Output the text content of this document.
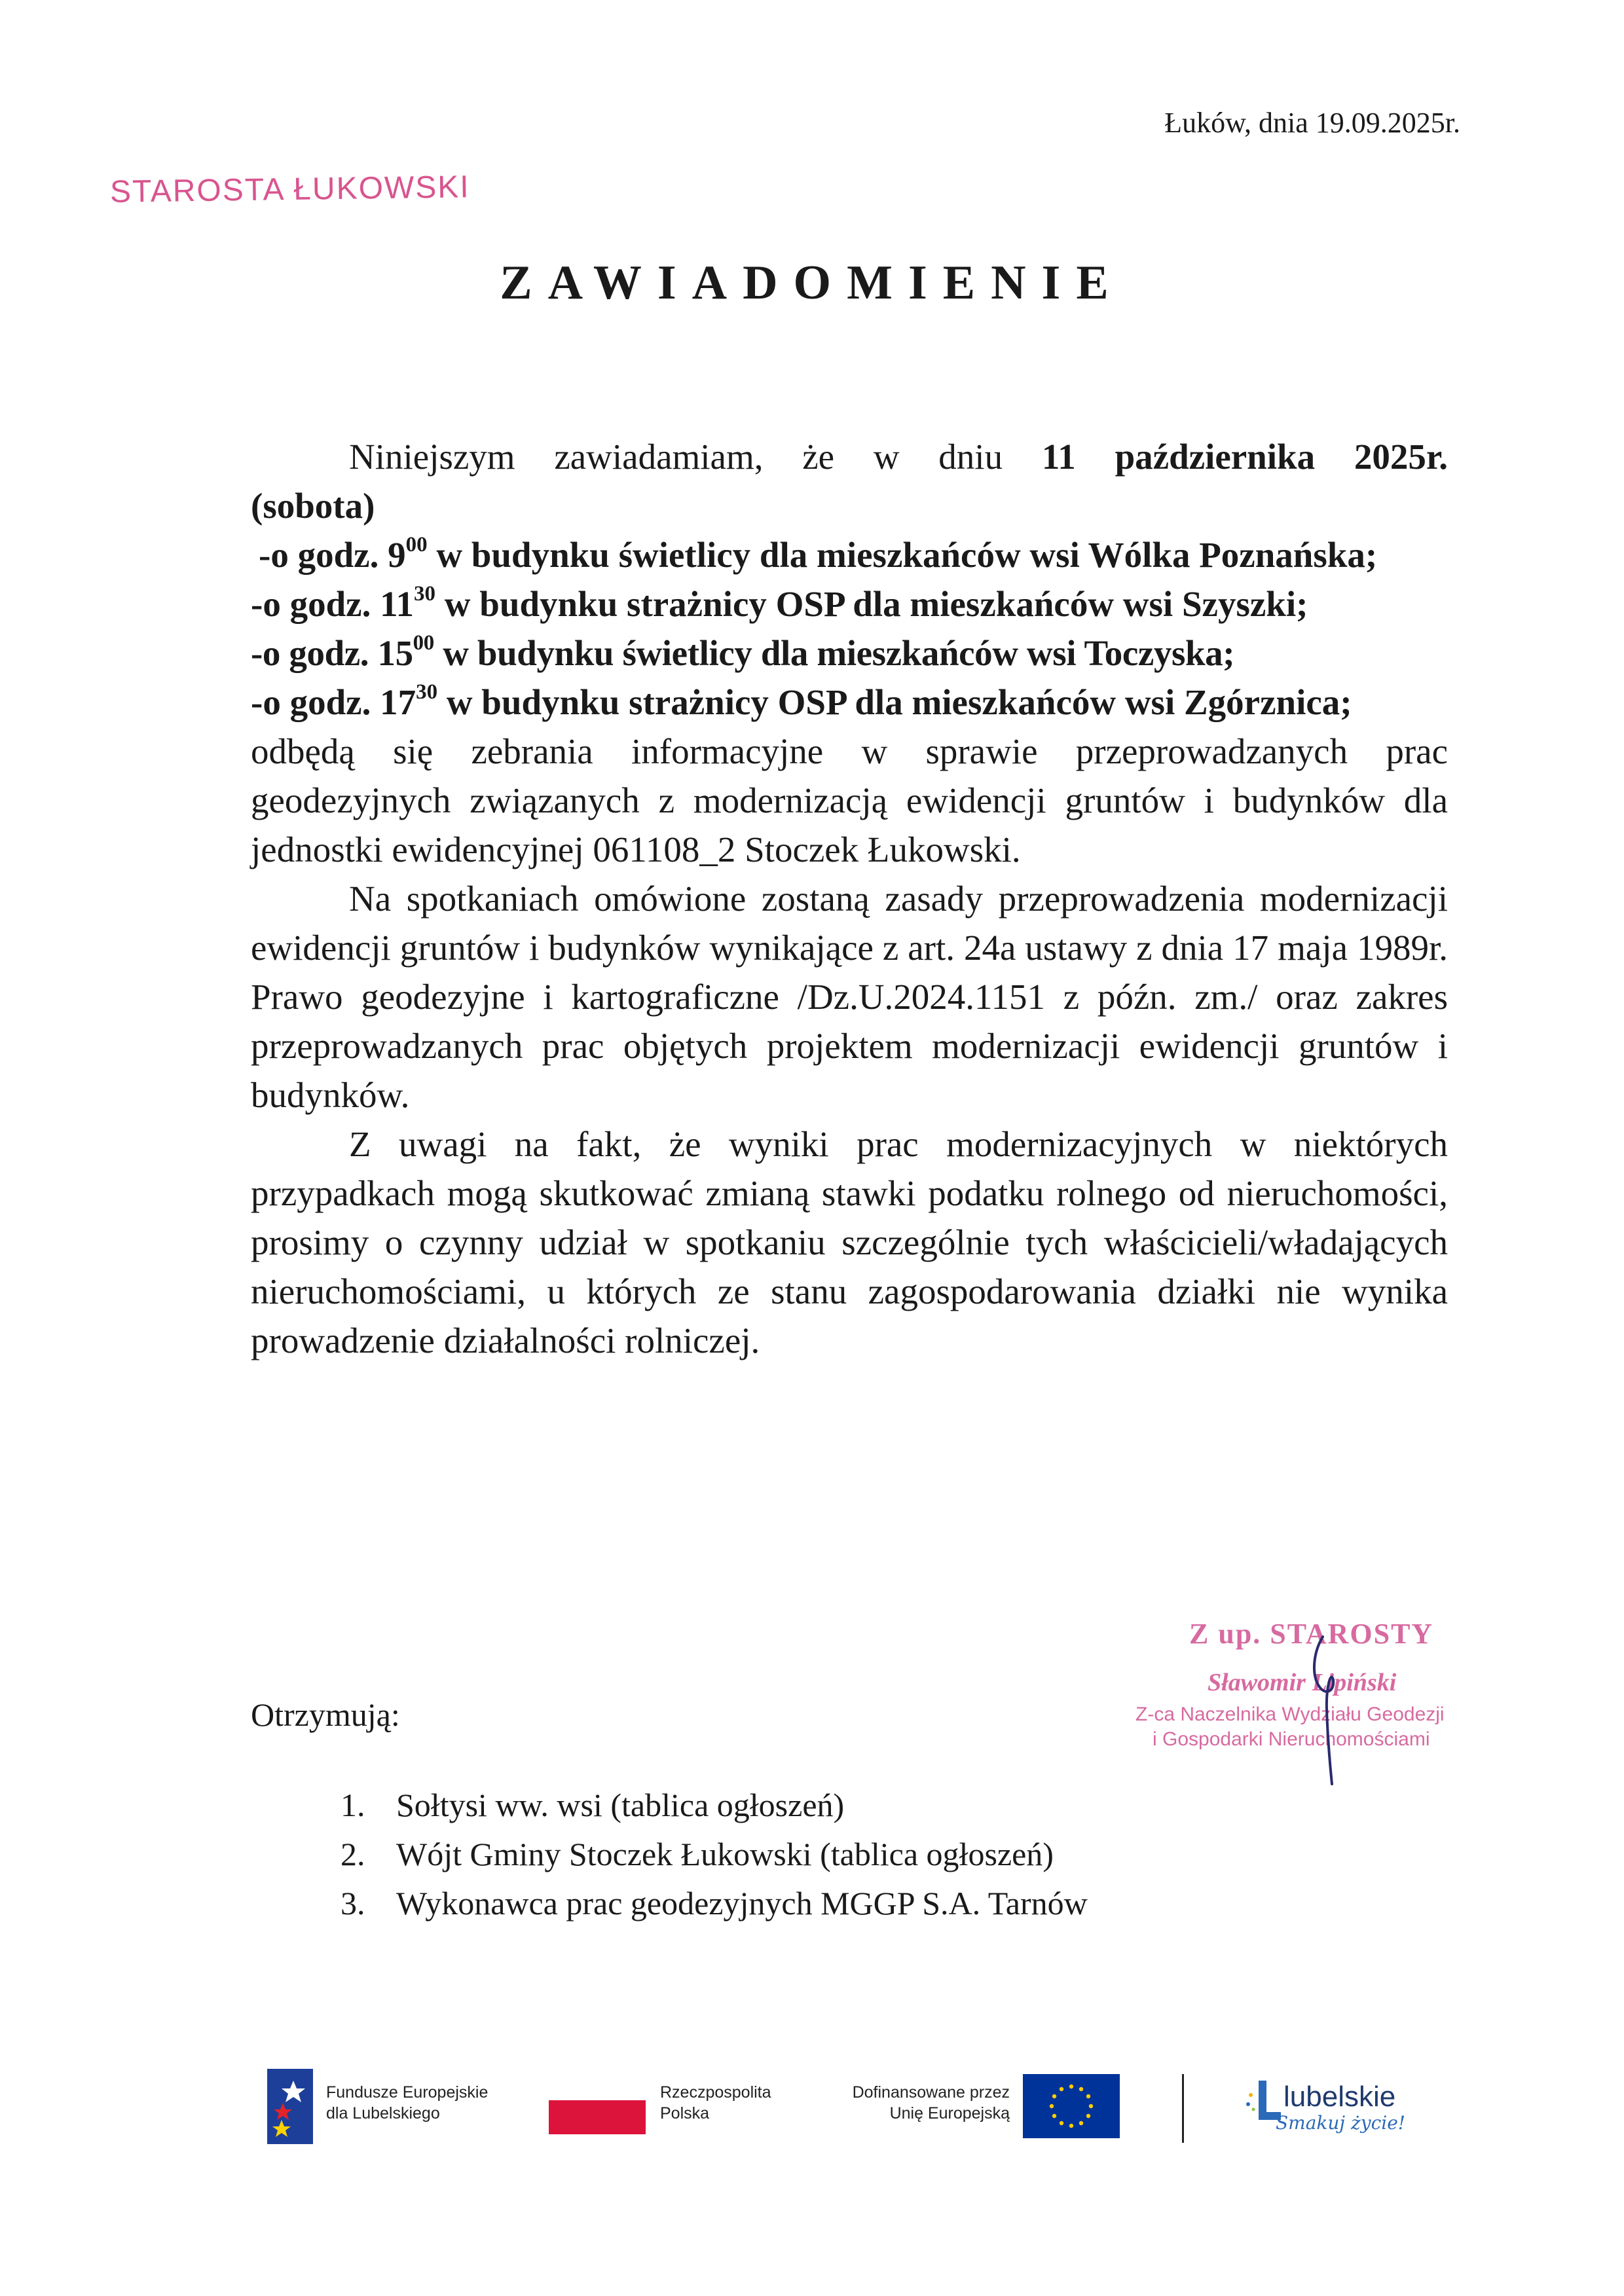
Łuków, dnia 19.09.2025r.
STAROSTA ŁUKOWSKI
ZAWIADOMIENIE

Niniejszym zawiadamiam, że w dniu 11 października 2025r.

(sobota)

-o godz. $9^{00}$ w budynku świetlicy dla mieszkańców wsi Wólka Poznańska;

-o godz. $11^{30}$ w budynku strażnicy OSP dla mieszkańców wsi Szyszki;

-o godz. $15^{00}$ w budynku świetlicy dla mieszkańców wsi Toczyska;

-o godz. $17^{30}$ w budynku strażnicy OSP dla mieszkańców wsi Zgórznica;

odbędą się zebrania informacyjne w sprawie przeprowadzanych prac geodezyjnych związanych z modernizacją ewidencji gruntów i budynków dla jednostki ewidencyjnej 061108_2 Stoczek Łukowski.

Na spotkaniach omówione zostaną zasady przeprowadzenia modernizacji ewidencji gruntów i budynków wynikające z art. 24a ustawy z dnia 17 maja 1989r. Prawo geodezyjne i kartograficzne /Dz.U.2024.1151 z późn. zm./ oraz zakres przeprowadzanych prac objętych projektem modernizacji ewidencji gruntów i budynków.

Z uwagi na fakt, że wyniki prac modernizacyjnych w niektórych przypadkach mogą skutkować zmianą stawki podatku rolnego od nieruchomości, prosimy o czynny udział w spotkaniu szczególnie tych właścicieli/władających nieruchomościami, u których ze stanu zagospodarowania działki nie wynika prowadzenie działalności rolniczej.

Z up. STAROSTY
Sławomir Lipiński
Z-ca Naczelnika Wydziału Geodezji
i Gospodarki Nieruchomościami
Otrzymują:
1. Sołtysi ww. wsi (tablica ogłoszeń)
2. Wójt Gminy Stoczek Łukowski (tablica ogłoszeń)
3. Wykonawca prac geodezyjnych MGGP S.A. Tarnów
Fundusze Europejskie
dla Lubelskiego
Rzeczpospolita
Polska
Dofinansowane przez
Unię Europejską
lubelskie
Smakuj życie!
